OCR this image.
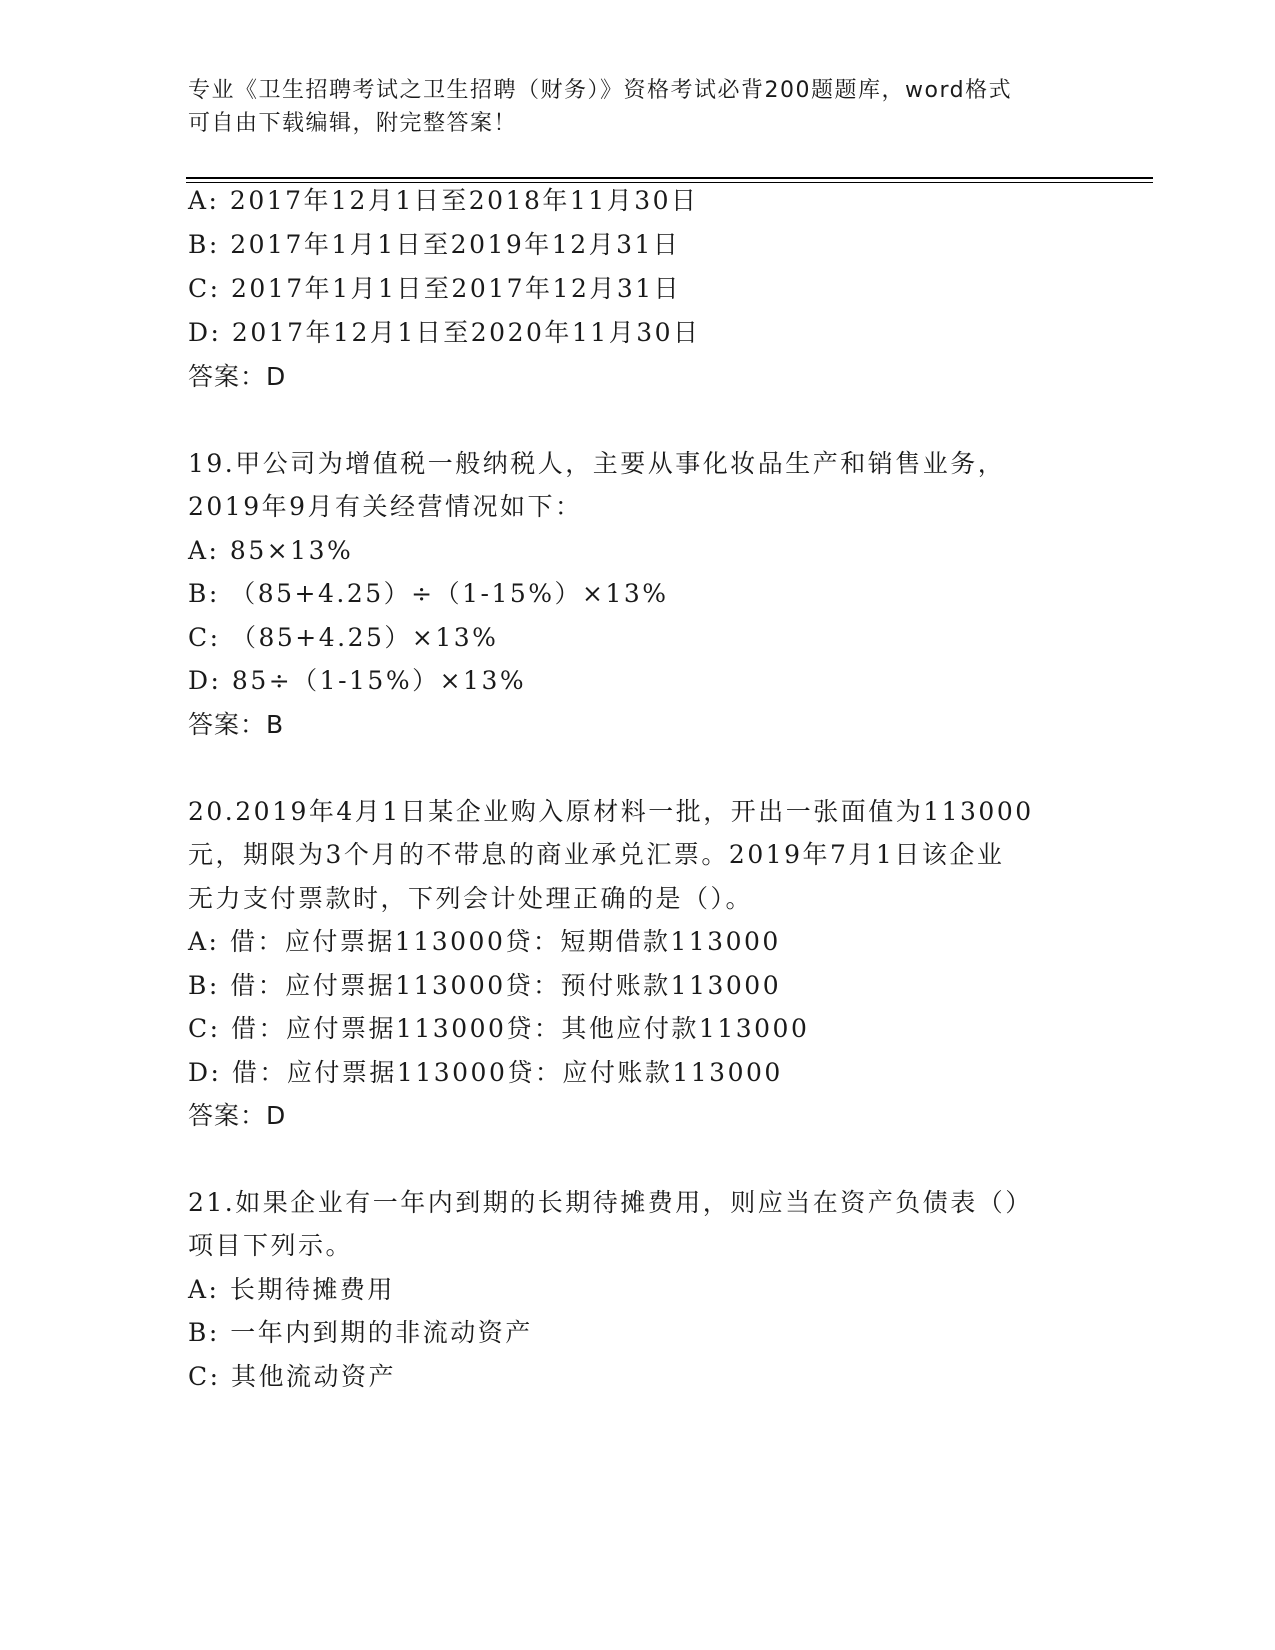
专业《卫生招聘考试之卫生招聘（财务）》资格考试必背200题题库，word格式
可自由下载编辑，附完整答案！
A: 2017年12月1日至2018年11月30日
B: 2017年1月1日至2019年12月31日
C: 2017年1月1日至2017年12月31日
D: 2017年12月1日至2020年11月30日
答案：D
19.甲公司为增值税一般纳税人，主要从事化妆品生产和销售业务，
2019年9月有关经营情况如下：
A: 85×13%
B: （85+4.25）÷（1-15%）×13%
C: （85+4.25）×13%
D: 85÷（1-15%）×13%
答案：B
20.2019年4月1日某企业购入原材料一批，开出一张面值为113000
元，期限为3个月的不带息的商业承兑汇票。2019年7月1日该企业
无力支付票款时，下列会计处理正确的是（）。
A: 借：应付票据113000贷：短期借款113000
B: 借：应付票据113000贷：预付账款113000
C: 借：应付票据113000贷：其他应付款113000
D: 借：应付票据113000贷：应付账款113000
答案：D
21.如果企业有一年内到期的长期待摊费用，则应当在资产负债表（）
项目下列示。
A: 长期待摊费用
B: 一年内到期的非流动资产
C: 其他流动资产
